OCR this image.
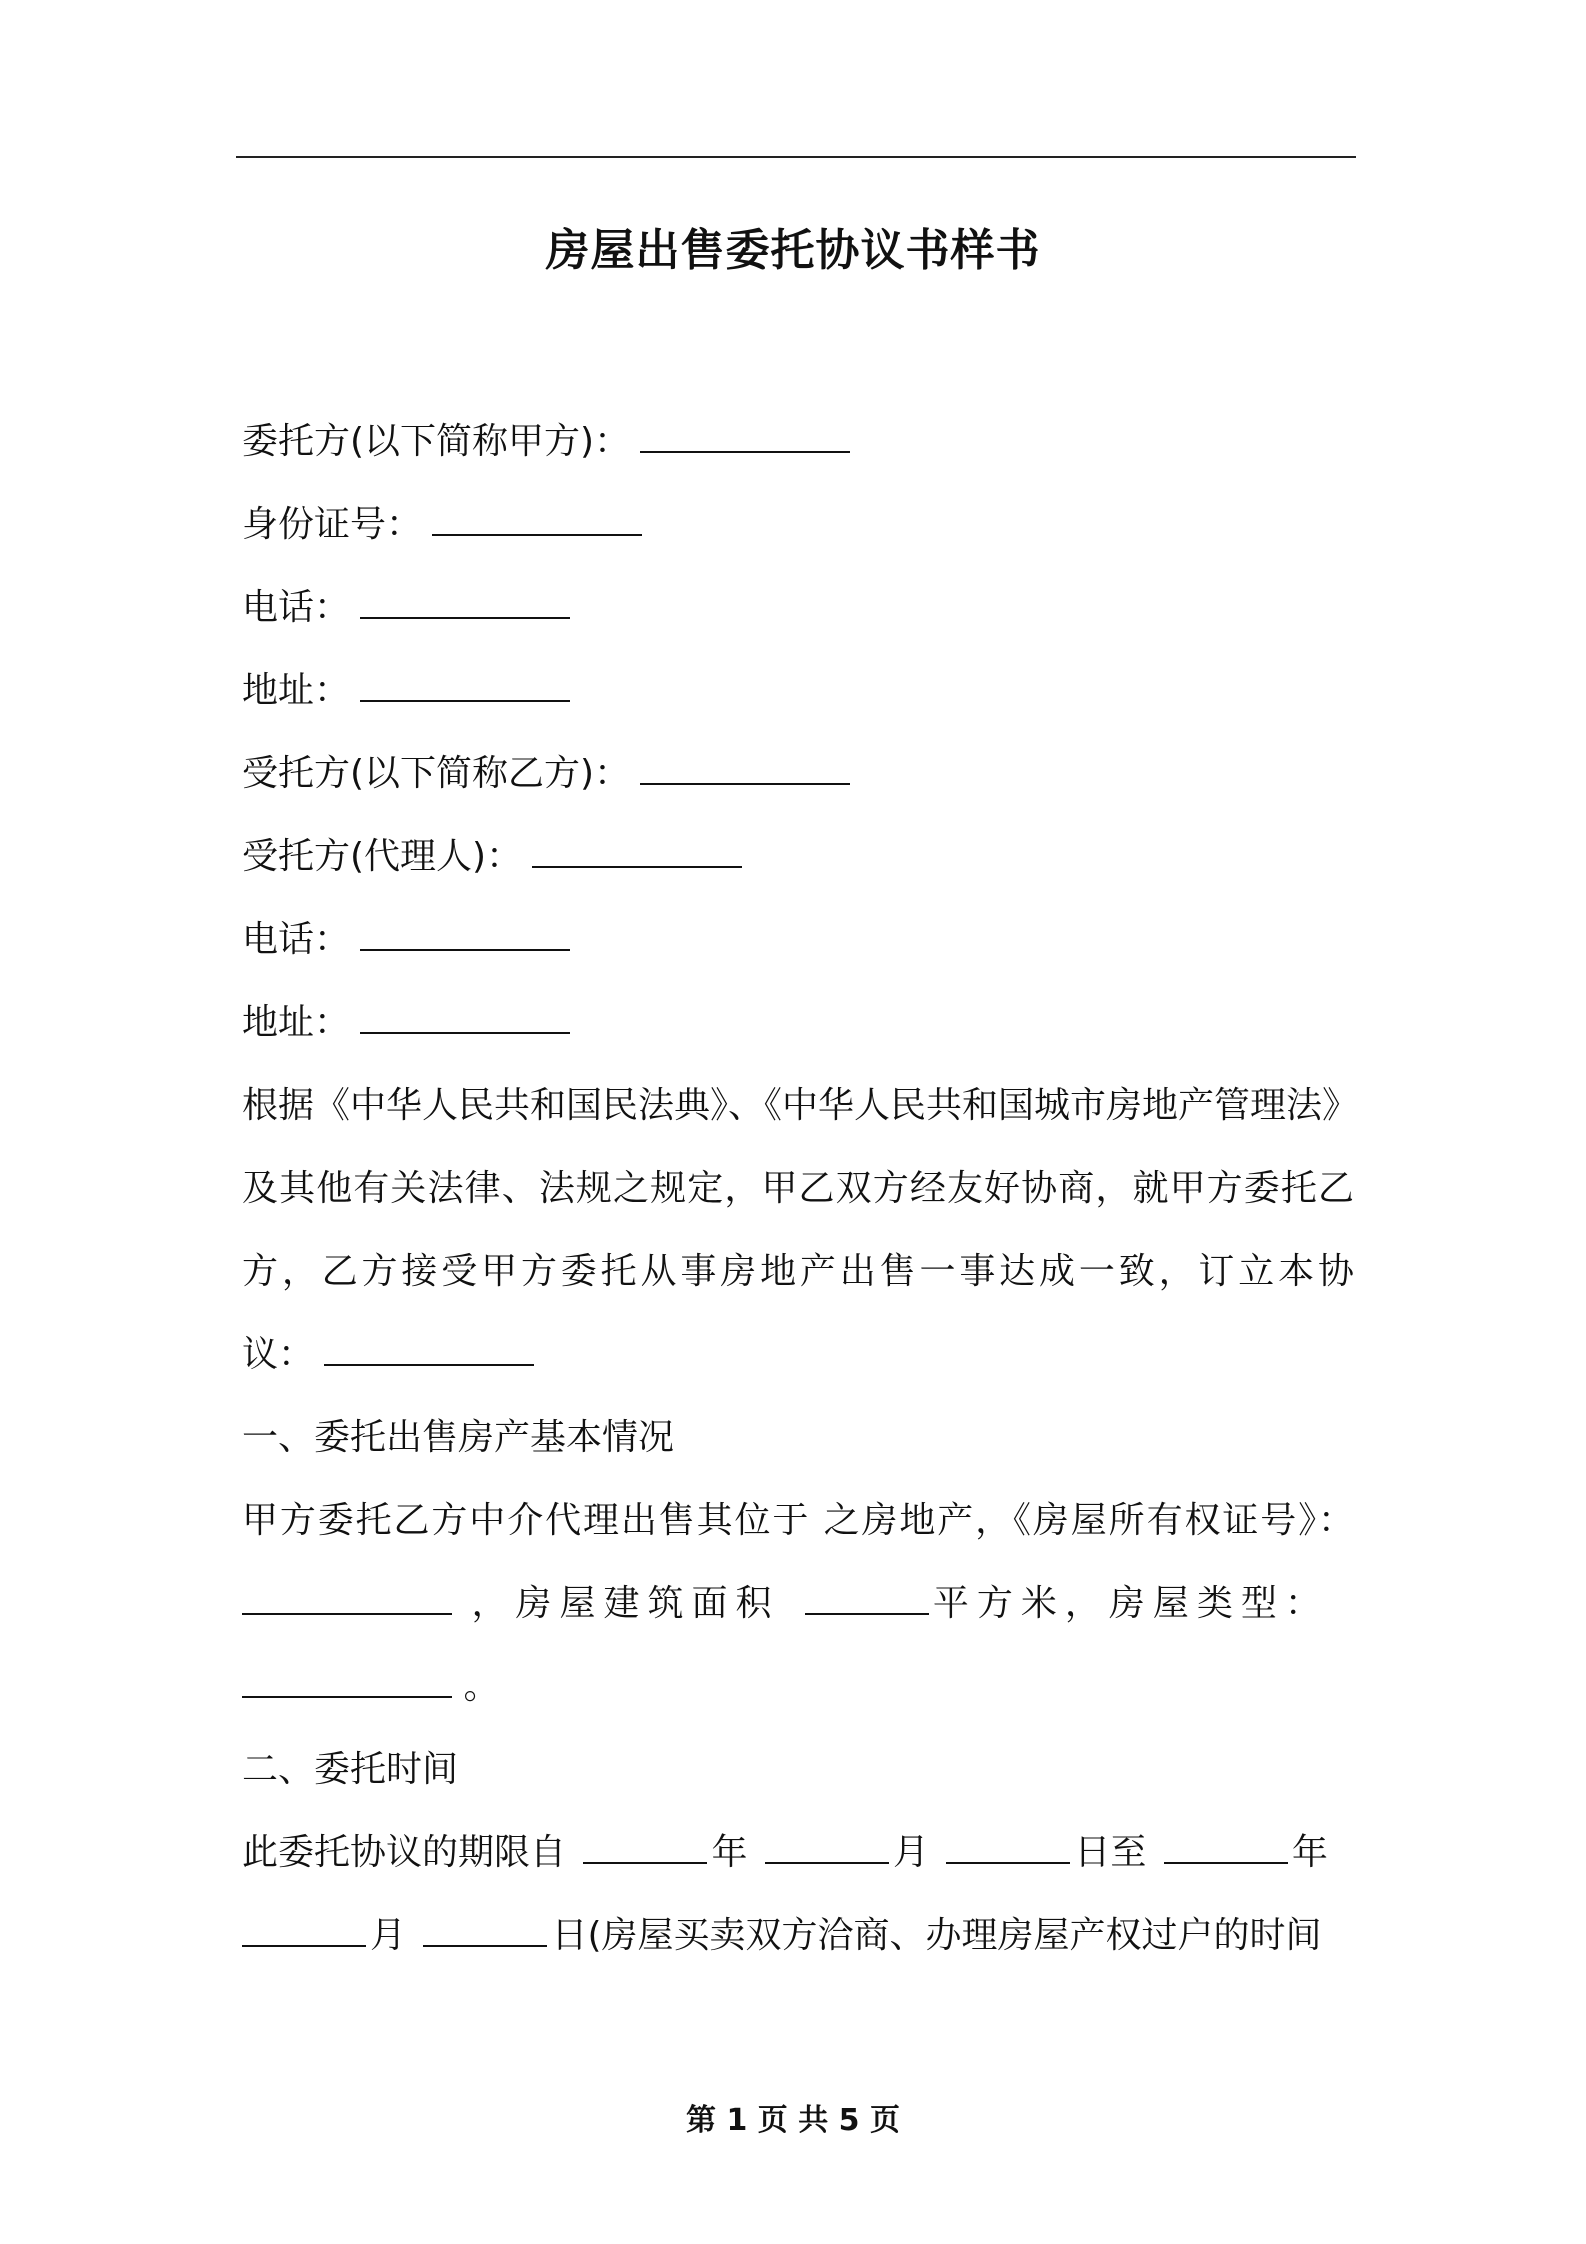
房屋出售委托协议书样书
委托方(以下简称甲方)：
身份证号：
电话：
地址：
受托方(以下简称乙方)：
受托方(代理人)：
电话：
地址：
根据《中华人民共和国民法典》、《中华人民共和国城市房地产管理法》
及其他有关法律、法规之规定，甲乙双方经友好协商，就甲方委托乙
方，乙方接受甲方委托从事房地产出售一事达成一致，订立本协
议：
一、委托出售房产基本情况
甲方委托乙方中介代理出售其位于 之房地产，《房屋所有权证号》：
，房屋建筑面积	平方米，房屋类型：
。
二、委托时间
此委托协议的期限自	年	月	日至	年
月	日(房屋买卖双方洽商、办理房屋产权过户的时间
第 1 页 共 5 页
